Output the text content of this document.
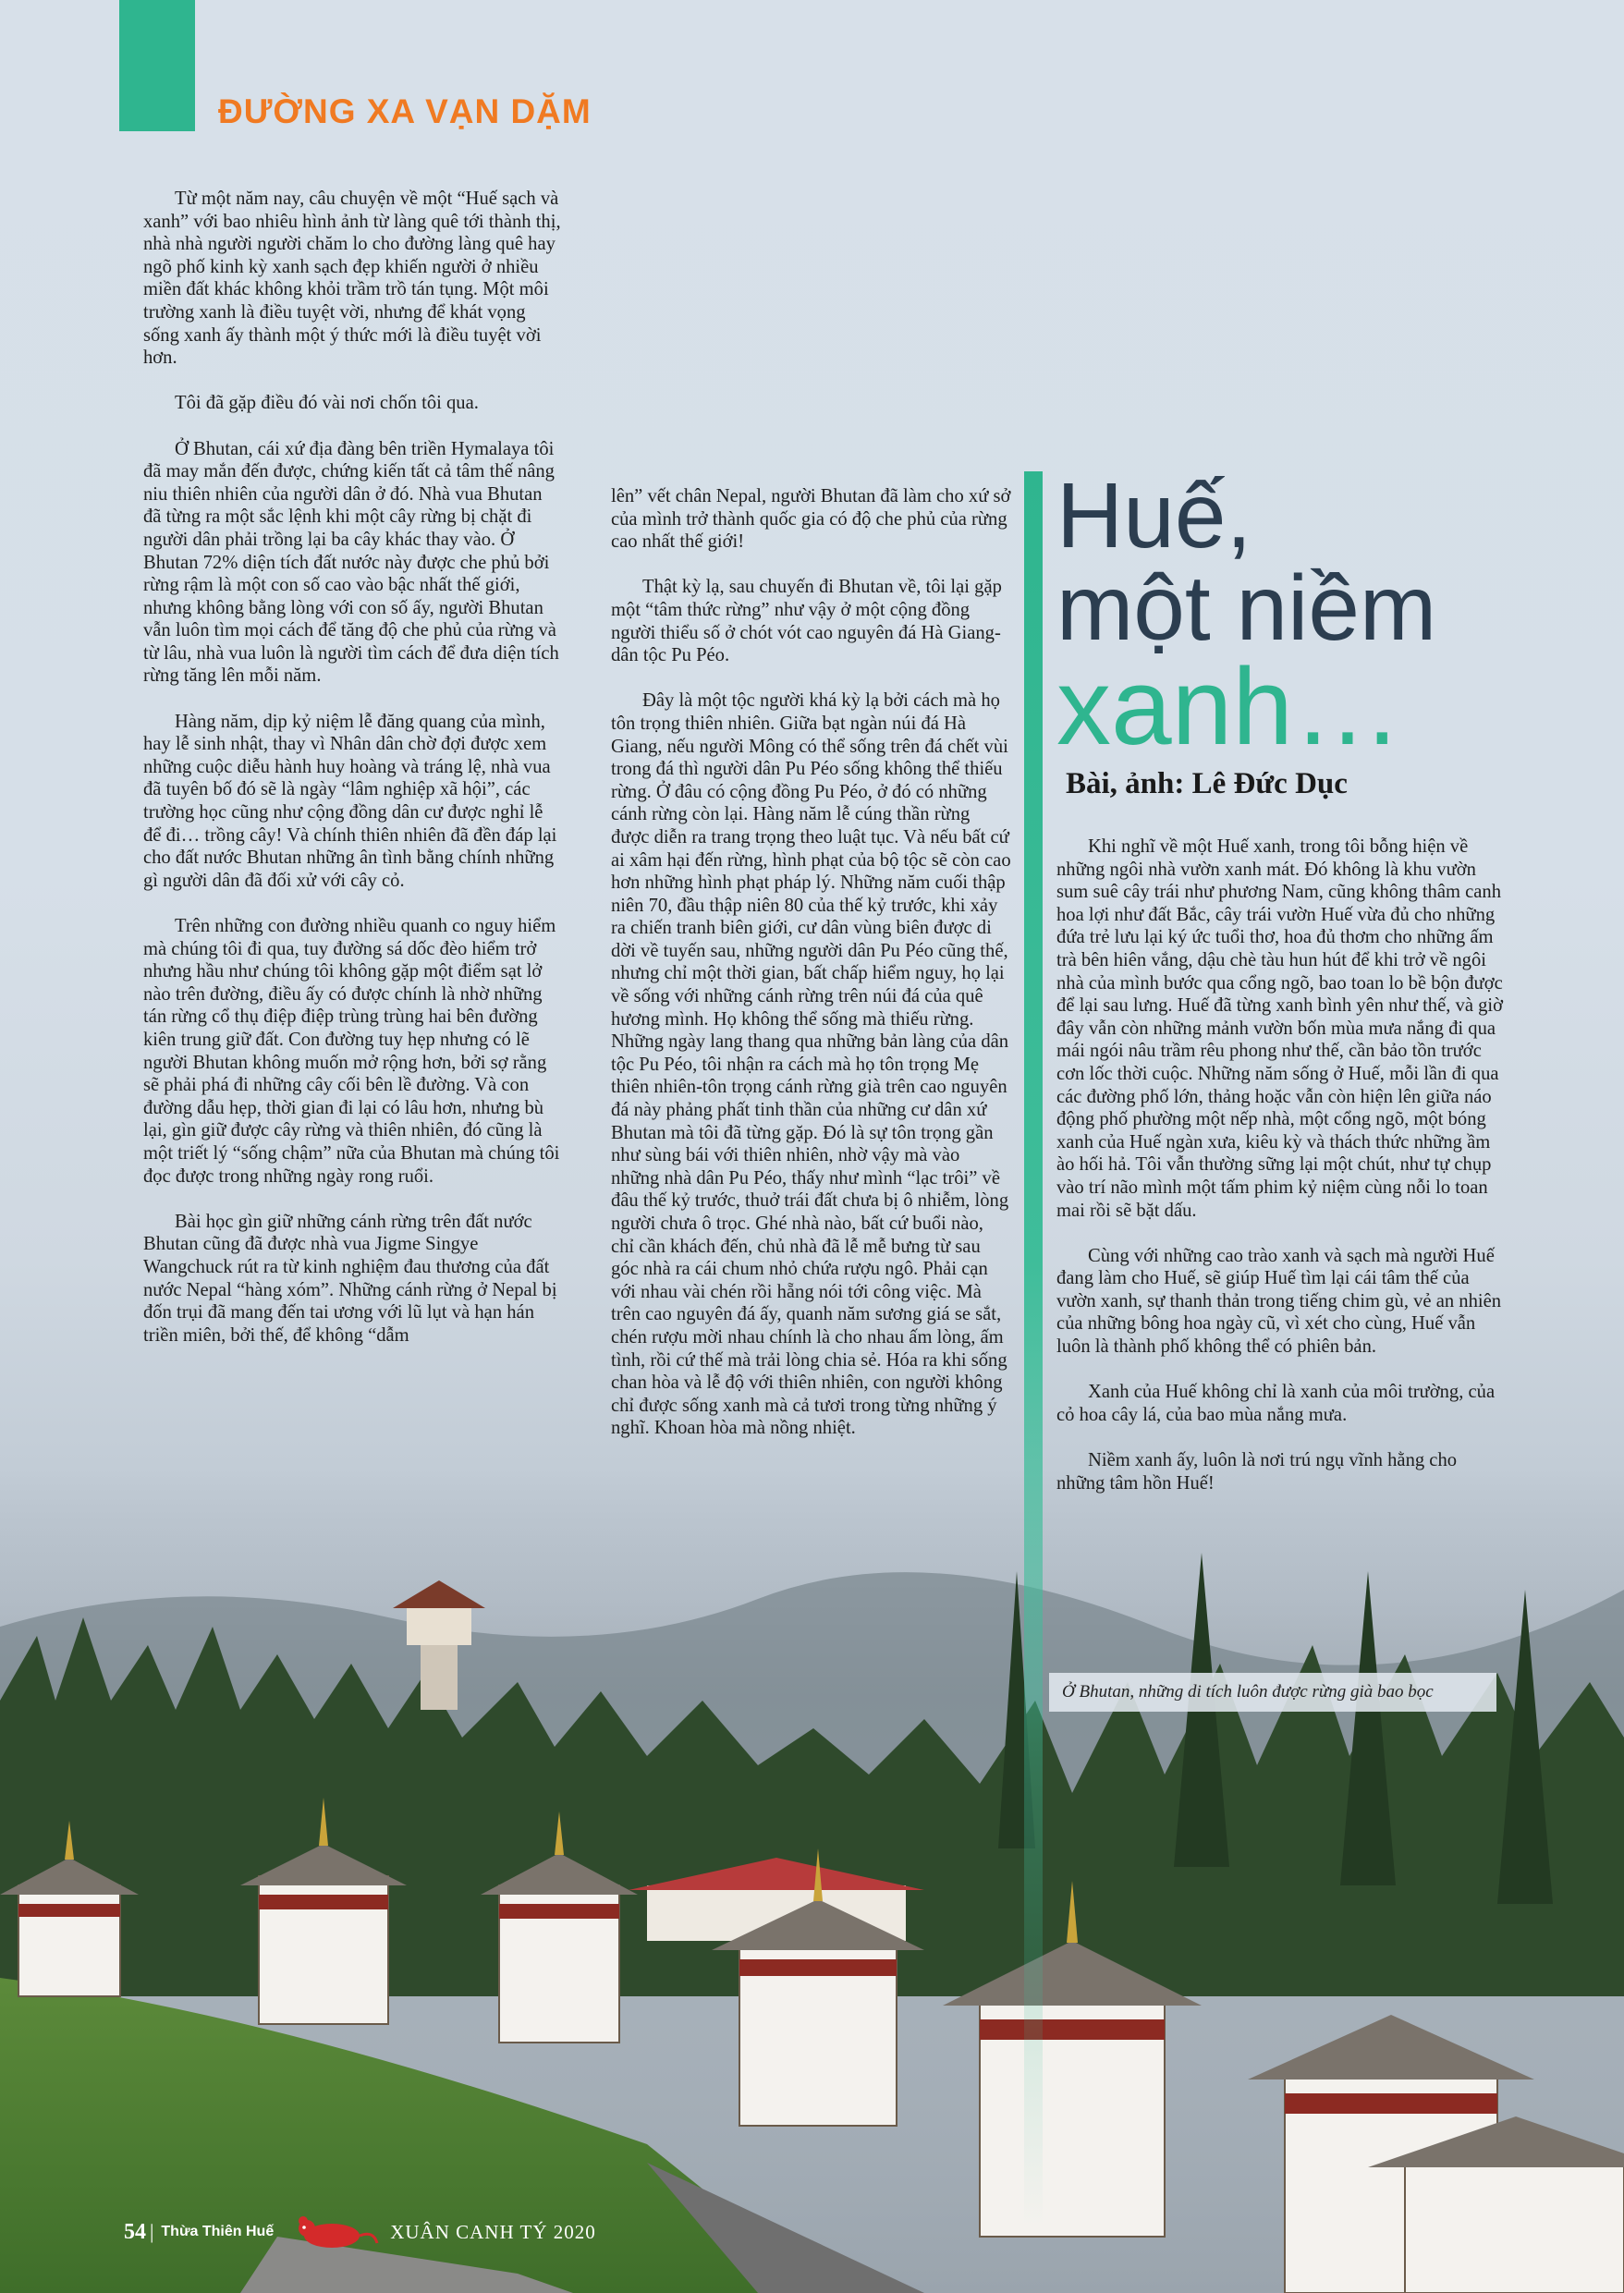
ĐƯỜNG XA VẠN DẶM

Từ một năm nay, câu chuyện về một “Huế sạch và xanh” với bao nhiêu hình ảnh từ làng quê tới thành thị, nhà nhà người người chăm lo cho đường làng quê hay ngõ phố kinh kỳ xanh sạch đẹp khiến người ở nhiều miền đất khác không khỏi trầm trồ tán tụng. Một môi trường xanh là điều tuyệt vời, nhưng để khát vọng sống xanh ấy thành một ý thức mới là điều tuyệt vời hơn.

Tôi đã gặp điều đó vài nơi chốn tôi qua.

Ở Bhutan, cái xứ địa đàng bên triền Hymalaya tôi đã may mắn đến được, chứng kiến tất cả tâm thế nâng niu thiên nhiên của người dân ở đó. Nhà vua Bhutan đã từng ra một sắc lệnh khi một cây rừng bị chặt đi người dân phải trồng lại ba cây khác thay vào. Ở Bhutan 72% diện tích đất nước này được che phủ bởi rừng rậm là một con số cao vào bậc nhất thế giới, nhưng không bằng lòng với con số ấy, người Bhutan vẫn luôn tìm mọi cách để tăng độ che phủ của rừng và từ lâu, nhà vua luôn là người tìm cách để đưa diện tích rừng tăng lên mỗi năm.

Hàng năm, dịp kỷ niệm lễ đăng quang của mình, hay lễ sinh nhật, thay vì Nhân dân chờ đợi được xem những cuộc diễu hành huy hoàng và tráng lệ, nhà vua đã tuyên bố đó sẽ là ngày “lâm nghiệp xã hội”, các trường học cũng như cộng đồng dân cư được nghỉ lễ để đi… trồng cây! Và chính thiên nhiên đã đền đáp lại cho đất nước Bhutan những ân tình bằng chính những gì người dân đã đối xử với cây cỏ.

Trên những con đường nhiều quanh co nguy hiểm mà chúng tôi đi qua, tuy đường sá dốc đèo hiểm trở nhưng hầu như chúng tôi không gặp một điểm sạt lở nào trên đường, điều ấy có được chính là nhờ những tán rừng cổ thụ điệp điệp trùng trùng hai bên đường kiên trung giữ đất. Con đường tuy hẹp nhưng có lẽ người Bhutan không muốn mở rộng hơn, bởi sợ rằng sẽ phải phá đi những cây cối bên lề đường. Và con đường dẫu hẹp, thời gian đi lại có lâu hơn, nhưng bù lại, gìn giữ được cây rừng và thiên nhiên, đó cũng là một triết lý “sống chậm” nữa của Bhutan mà chúng tôi đọc được trong những ngày rong ruổi.

Bài học gìn giữ những cánh rừng trên đất nước Bhutan cũng đã được nhà vua Jigme Singye Wangchuck rút ra từ kinh nghiệm đau thương của đất nước Nepal “hàng xóm”. Những cánh rừng ở Nepal bị đốn trụi đã mang đến tai ương với lũ lụt và hạn hán triền miên, bởi thế, để không “dẫm

lên” vết chân Nepal, người Bhutan đã làm cho xứ sở của mình trở thành quốc gia có độ che phủ của rừng cao nhất thế giới!

Thật kỳ lạ, sau chuyến đi Bhutan về, tôi lại gặp một “tâm thức rừng” như vậy ở một cộng đồng người thiểu số ở chót vót cao nguyên đá Hà Giang-dân tộc Pu Péo.

Đây là một tộc người khá kỳ lạ bởi cách mà họ tôn trọng thiên nhiên. Giữa bạt ngàn núi đá Hà Giang, nếu người Mông có thể sống trên đá chết vùi trong đá thì người dân Pu Péo sống không thể thiếu rừng. Ở đâu có cộng đồng Pu Péo, ở đó có những cánh rừng còn lại. Hàng năm lễ cúng thần rừng được diễn ra trang trọng theo luật tục. Và nếu bất cứ ai xâm hại đến rừng, hình phạt của bộ tộc sẽ còn cao hơn những hình phạt pháp lý. Những năm cuối thập niên 70, đầu thập niên 80 của thế kỷ trước, khi xảy ra chiến tranh biên giới, cư dân vùng biên được di dời về tuyến sau, những người dân Pu Péo cũng thế, nhưng chỉ một thời gian, bất chấp hiểm nguy, họ lại về sống với những cánh rừng trên núi đá của quê hương mình. Họ không thể sống mà thiếu rừng. Những ngày lang thang qua những bản làng của dân tộc Pu Péo, tôi nhận ra cách mà họ tôn trọng Mẹ thiên nhiên-tôn trọng cánh rừng già trên cao nguyên đá này phảng phất tinh thần của những cư dân xứ Bhutan mà tôi đã từng gặp. Đó là sự tôn trọng gần như sùng bái với thiên nhiên, nhờ vậy mà vào những nhà dân Pu Péo, thấy như mình “lạc trôi” về đâu thế kỷ trước, thuở trái đất chưa bị ô nhiễm, lòng người chưa ô trọc. Ghé nhà nào, bất cứ buổi nào, chỉ cần khách đến, chủ nhà đã lễ mễ bưng từ sau góc nhà ra cái chum nhỏ chứa rượu ngô. Phải cạn với nhau vài chén rồi hẵng nói tới công việc. Mà trên cao nguyên đá ấy, quanh năm sương giá se sắt, chén rượu mời nhau chính là cho nhau ấm lòng, ấm tình, rồi cứ thế mà trải lòng chia sẻ. Hóa ra khi sống chan hòa và lễ độ với thiên nhiên, con người không chỉ được sống xanh mà cả tươi trong từng những ý nghĩ. Khoan hòa mà nồng nhiệt.

Huế,
một niềm
xanh…

Bài, ảnh: Lê Đức Dục

Khi nghĩ về một Huế xanh, trong tôi bỗng hiện về những ngôi nhà vườn xanh mát. Đó không là khu vườn sum suê cây trái như phương Nam, cũng không thâm canh hoa lợi như đất Bắc, cây trái vườn Huế vừa đủ cho những đứa trẻ lưu lại ký ức tuổi thơ, hoa đủ thơm cho những ấm trà bên hiên vắng, dậu chè tàu hun hút để khi trở về ngôi nhà của mình bước qua cổng ngõ, bao toan lo bề bộn được để lại sau lưng. Huế đã từng xanh bình yên như thế, và giờ đây vẫn còn những mảnh vườn bốn mùa mưa nắng đi qua mái ngói nâu trầm rêu phong như thế, cần bảo tồn trước cơn lốc thời cuộc. Những năm sống ở Huế, mỗi lần đi qua các đường phố lớn, thảng hoặc vẫn còn hiện lên giữa náo động phố phường một nếp nhà, một cổng ngõ, một bóng xanh của Huế ngàn xưa, kiêu kỳ và thách thức những ầm ào hối hả. Tôi vẫn thường sững lại một chút, như tự chụp vào trí não mình một tấm phim kỷ niệm cùng nỗi lo toan mai rồi sẽ bặt dấu.

Cùng với những cao trào xanh và sạch mà người Huế đang làm cho Huế, sẽ giúp Huế tìm lại cái tâm thế của vườn xanh, sự thanh thản trong tiếng chim gù, vẻ an nhiên của những bông hoa ngày cũ, vì xét cho cùng, Huế vẫn luôn là thành phố không thể có phiên bản.

Xanh của Huế không chỉ là xanh của môi trường, của cỏ hoa cây lá, của bao mùa nắng mưa.

Niềm xanh ấy, luôn là nơi trú ngụ vĩnh hằng cho những tâm hồn Huế!

Ở Bhutan, những di tích luôn được rừng già bao bọc
54 | Thừa Thiên Huế	XUÂN CANH TÝ 2020
